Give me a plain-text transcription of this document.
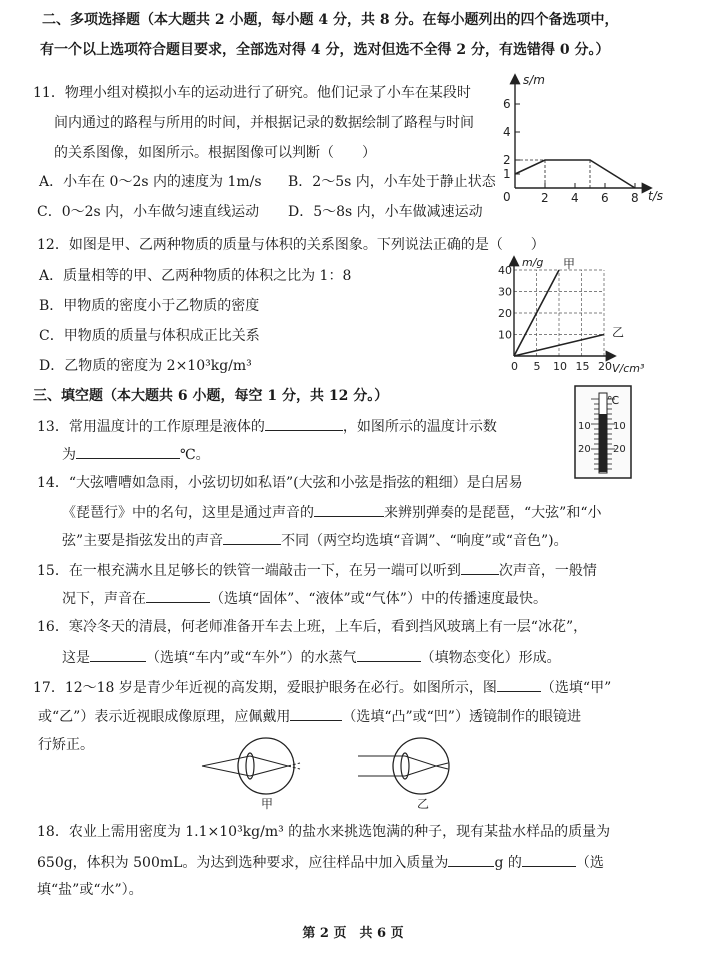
二、多项选择题（本大题共 2 小题，每小题 4 分，共 8 分。在每小题列出的四个备选项中，
有一个以上选项符合题目要求，全部选对得 4 分，选对但选不全得 2 分，有选错得 0 分。）
11．物理小组对模拟小车的运动进行了研究。他们记录了小车在某段时
间内通过的路程与所用的时间，并根据记录的数据绘制了路程与时间
的关系图像，如图所示。根据图像可以判断（　　）
A．小车在 0～2s 内的速度为 1m/s B．2～5s 内，小车处于静止状态
C．0～2s 内，小车做匀速直线运动 D．5～8s 内，小车做减速运动
s/m
t/s
0	2 4 6 8
1
2
4
6
12．如图是甲、乙两种物质的质量与体积的关系图象。下列说法正确的是（　　）
A．质量相等的甲、乙两种物质的体积之比为 1：8
B．甲物质的密度小于乙物质的密度
C．甲物质的质量与体积成正比关系
D．乙物质的密度为 2×10³kg/m³
m/g
V/cm³
0 5 10 15 20
10
20
30
40	甲
乙
三、填空题（本大题共 6 小题，每空 1 分，共 12 分。）
13．常用温度计的工作原理是液体的	，如图所示的温度计示数
为	℃。
℃
10
20
10
20
14．“大弦嘈嘈如急雨，小弦切切如私语”(大弦和小弦是指弦的粗细）是白居易
《琵琶行》中的名句，这里是通过声音的	来辨别弹奏的是琵琶，“大弦”和“小
弦”主要是指弦发出的声音	不同（两空均选填“音调”、“响度”或“音色”)。
15．在一根充满水且足够长的铁管一端敲击一下，在另一端可以听到	次声音，一般情
况下，声音在	（选填“固体”、“液体”或“气体”）中的传播速度最快。
16．寒冷冬天的清晨，何老师准备开车去上班，上车后，看到挡风玻璃上有一层“冰花”，
这是	（选填“车内”或“车外”）的水蒸气	（填物态变化）形成。
17．12～18 岁是青少年近视的高发期，爱眼护眼务在必行。如图所示，图	（选填“甲”
或“乙”）表示近视眼成像原理，应佩戴用	（选填“凸”或“凹”）透镜制作的眼镜进
行矫正。
甲	乙
18．农业上需用密度为 1.1×10³kg/m³ 的盐水来挑选饱满的种子，现有某盐水样品的质量为
650g，体积为 500mL。为达到选种要求，应往样品中加入质量为	g 的	（选
填“盐”或“水”）。
第 2 页　共 6 页
